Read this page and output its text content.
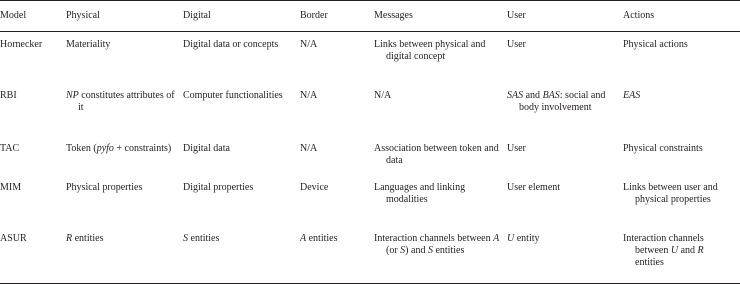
Model	Physical	Digital	Border	Messages	User	Actions

Hornecker	Materiality	Digital data or concepts	N/A	Links between physical and digital concept	User	Physical actions

RBI	NP constitutes attributes of it	Computer functionalities	N/A	N/A	SAS and BAS: social and body involvement	EAS

TAC	Token (pyfo + constraints)	Digital data	N/A	Association between token and data	User	Physical constraints

MIM	Physical properties	Digital properties	Device	Languages and linking modalities	User element	Links between user and physical properties

ASUR	R entities	S entities	A entities	Interaction channels between A (or S) and S entities	U entity	Interaction channels between U and R entities
